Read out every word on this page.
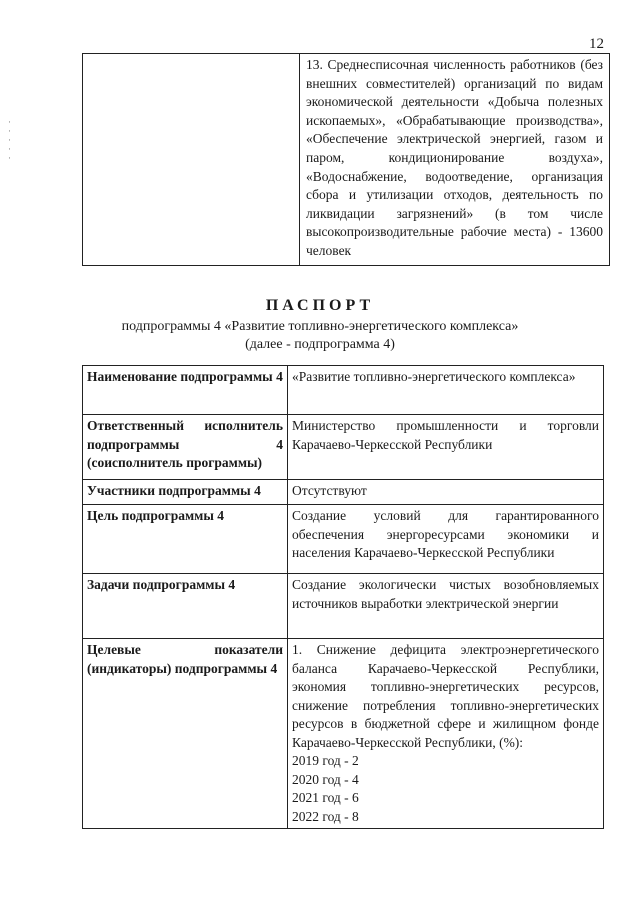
12
·
·
·
·
·
	13. Среднесписочная численность работников (без внешних совместителей) организаций по видам экономической деятельности «Добыча полезных ископаемых», «Обрабатывающие производства», «Обеспечение электрической энергией, газом и паром, кондиционирование воздуха», «Водоснабжение, водоотведение, организация сбора и утилизации отходов, деятельность по ликвидации загрязнений» (в том числе высокопроизводительные рабочие места) - 13600 человек
ПАСПОРТ
подпрограммы 4 «Развитие топливно-энергетического комплекса»
(далее - подпрограмма 4)
Наименование подпрограммы 4	«Развитие топливно-энергетического комплекса»
Ответственный исполнитель подпрограммы 4 (соисполнитель программы)	Министерство промышленности и торговли Карачаево-Черкесской Республики
Участники подпрограммы 4	Отсутствуют
Цель подпрограммы 4	Создание условий для гарантированного обеспечения энергоресурсами экономики и населения Карачаево-Черкесской Республики
Задачи подпрограммы 4	Создание экологически чистых возобновляемых источников выработки электрической энергии
Целевые показатели (индикаторы) подпрограммы 4	1. Снижение дефицита электроэнергетического баланса Карачаево-Черкесской Республики, экономия топливно-энергетических ресурсов, снижение потребления топливно-энергетических ресурсов в бюджетной сфере и жилищном фонде Карачаево-Черкесской Республики, (%):
2019 год - 2
2020 год - 4
2021 год - 6
2022 год - 8
